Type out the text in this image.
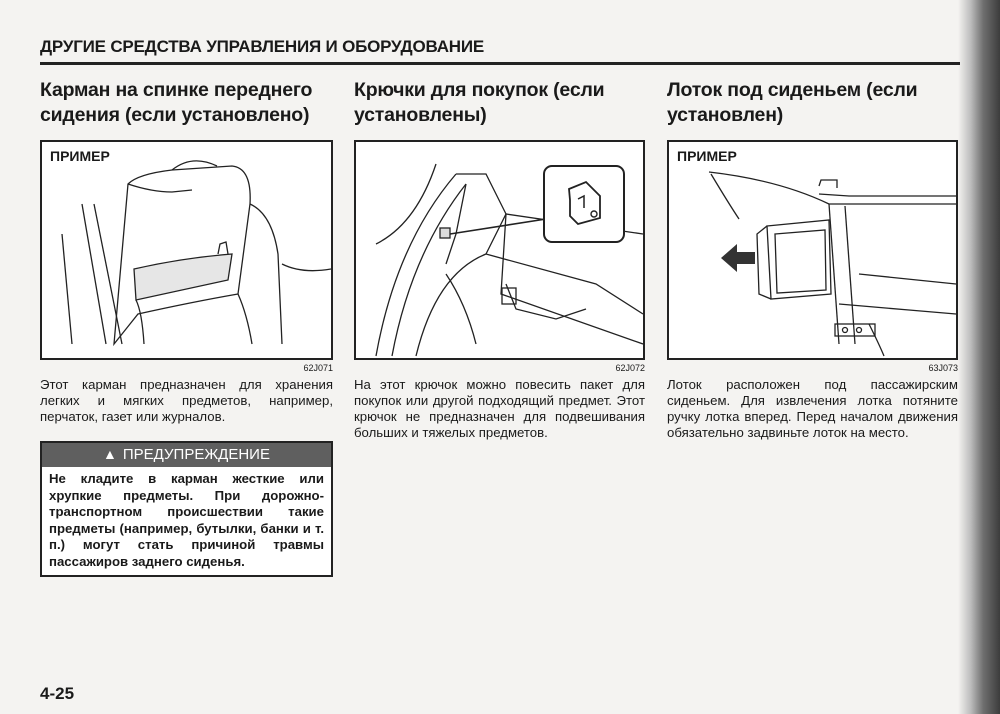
ДРУГИЕ СРЕДСТВА УПРАВЛЕНИЯ И ОБОРУДОВАНИЕ
Карман на спинке переднего сидения (если установлено)
ПРИМЕР
62J071
Этот карман предназначен для хранения легких и мягких предметов, например, перчаток, газет или журналов.
▲ ПРЕДУПРЕЖДЕНИЕ
Не кладите в карман жесткие или хрупкие предметы. При дорожно-транспортном происшествии такие предметы (например, бутылки, банки и т. п.) могут стать причиной травмы пассажиров заднего сиденья.
Крючки для покупок (если установлены)
62J072
На этот крючок можно повесить пакет для покупок или другой подходящий предмет. Этот крючок не предназначен для подвешивания больших и тяжелых предметов.
Лоток под сиденьем (если установлен)
ПРИМЕР
63J073
Лоток расположен под пассажирским сиденьем. Для извлечения лотка потяните ручку лотка вперед. Перед началом движения обязательно задвиньте лоток на место.
4-25
